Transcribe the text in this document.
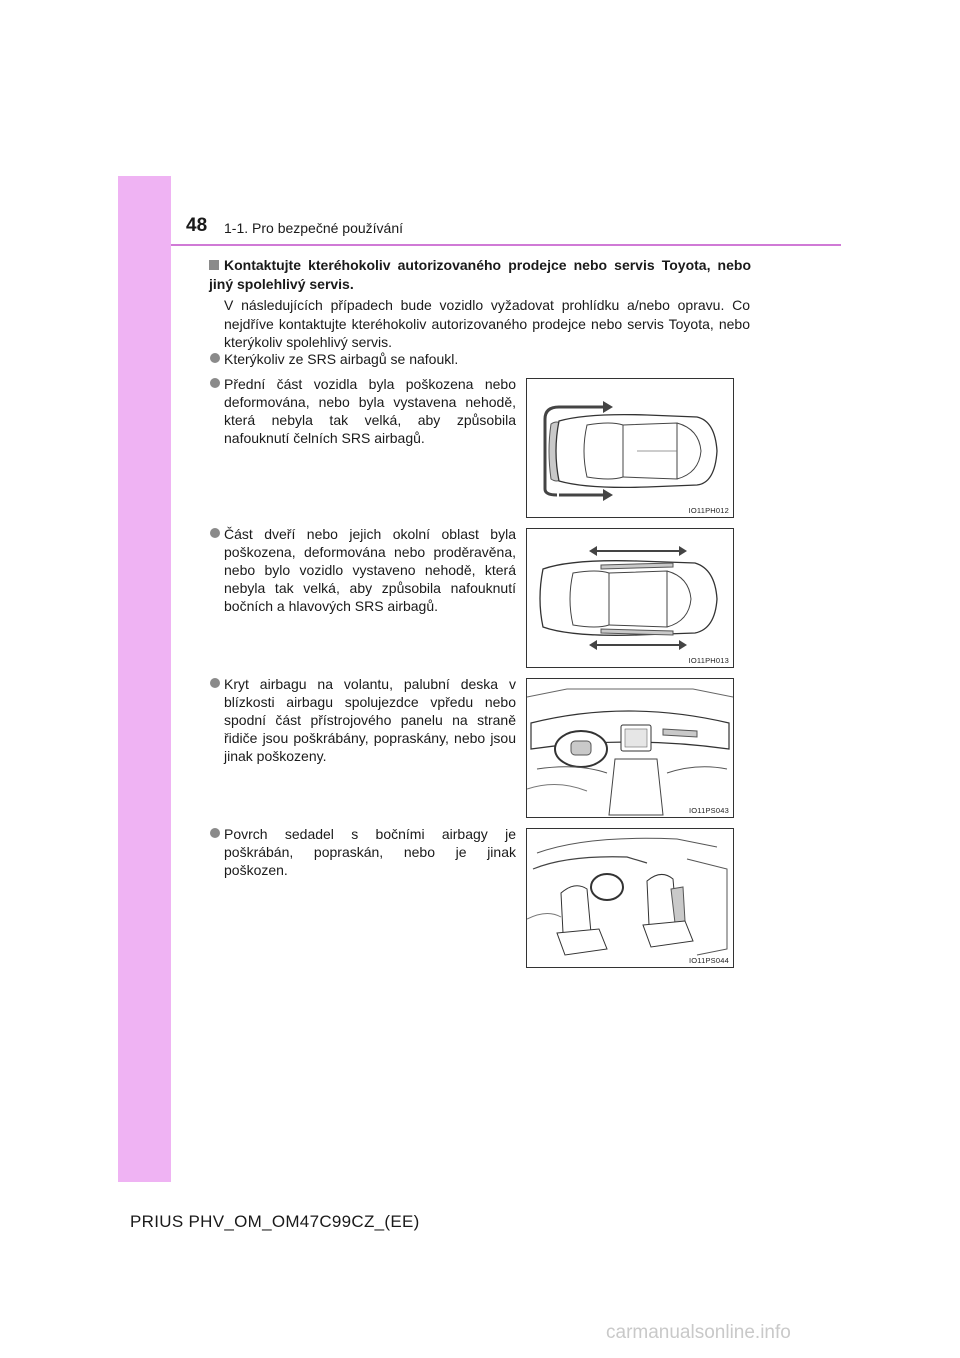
48 1-1. Pro bezpečné používání
Kontaktujte kteréhokoliv autorizovaného prodejce nebo servis Toyota, nebo jiný spolehlivý servis.
V následujících případech bude vozidlo vyžadovat prohlídku a/nebo opravu. Co nejdříve kontaktujte kteréhokoliv autorizovaného prodejce nebo servis Toyota, nebo kterýkoliv spolehlivý servis.
Kterýkoliv ze SRS airbagů se nafoukl.
Přední část vozidla byla poškozena nebo deformována, nebo byla vystavena nehodě, která nebyla tak velká, aby způsobila nafouknutí čelních SRS airbagů.
Část dveří nebo jejich okolní oblast byla poškozena, deformována nebo proděravěna, nebo bylo vozidlo vystaveno nehodě, která nebyla tak velká, aby způsobila nafouknutí bočních a hlavových SRS airbagů.
Kryt airbagu na volantu, palubní deska v blízkosti airbagu spolujezdce vpředu nebo spodní část přístrojového panelu na straně řidiče jsou poškrábány, popraskány, nebo jsou jinak poškozeny.
Povrch sedadel s bočními airbagy je poškrábán, popraskán, nebo je jinak poškozen.
IO11PH012
IO11PH013
IO11PS043
IO11PS044
PRIUS PHV_OM_OM47C99CZ_(EE)
carmanualsonline.info
